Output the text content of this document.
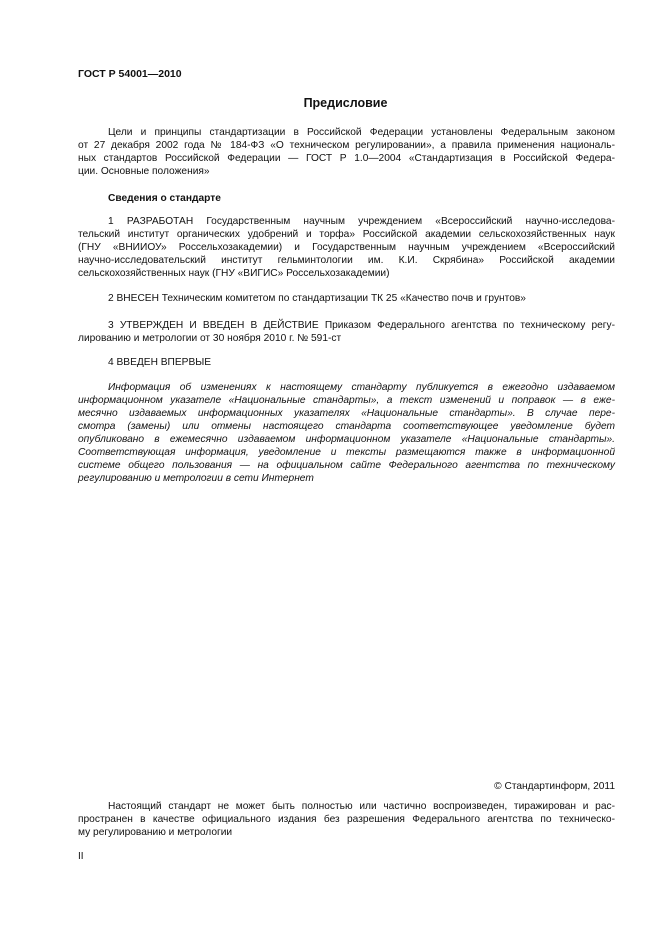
ГОСТ Р 54001—2010
Предисловие
Цели и принципы стандартизации в Российской Федерации установлены Федеральным законом
от 27 декабря 2002 года № 184-ФЗ «О техническом регулировании», а правила применения националь-
ных стандартов Российской Федерации — ГОСТ Р 1.0—2004 «Стандартизация в Российской Федера-
ции. Основные положения»
Сведения о стандарте
1 РАЗРАБОТАН Государственным научным учреждением «Всероссийский научно-исследова-
тельский институт органических удобрений и торфа» Российской академии сельскохозяйственных наук
(ГНУ «ВНИИОУ» Россельхозакадемии) и Государственным научным учреждением «Всероссийский
научно-исследовательский институт гельминтологии им. К.И. Скрябина» Российской академии
сельскохозяйственных наук (ГНУ «ВИГИС» Россельхозакадемии)
2 ВНЕСЕН Техническим комитетом по стандартизации ТК 25 «Качество почв и грунтов»
3 УТВЕРЖДЕН И ВВЕДЕН В ДЕЙСТВИЕ Приказом Федерального агентства по техническому регу-
лированию и метрологии от 30 ноября 2010 г. № 591-ст
4 ВВЕДЕН ВПЕРВЫЕ
Информация об изменениях к настоящему стандарту публикуется в ежегодно издаваемом
информационном указателе «Национальные стандарты», а текст изменений и поправок — в еже-
месячно издаваемых информационных указателях «Национальные стандарты». В случае пере-
смотра (замены) или отмены настоящего стандарта соответствующее уведомление будет
опубликовано в ежемесячно издаваемом информационном указателе «Национальные стандарты».
Соответствующая информация, уведомление и тексты размещаются также в информационной
системе общего пользования — на официальном сайте Федерального агентства по техническому
регулированию и метрологии в сети Интернет
© Стандартинформ, 2011
Настоящий стандарт не может быть полностью или частично воспроизведен, тиражирован и рас-
пространен в качестве официального издания без разрешения Федерального агентства по техническо-
му регулированию и метрологии
II
